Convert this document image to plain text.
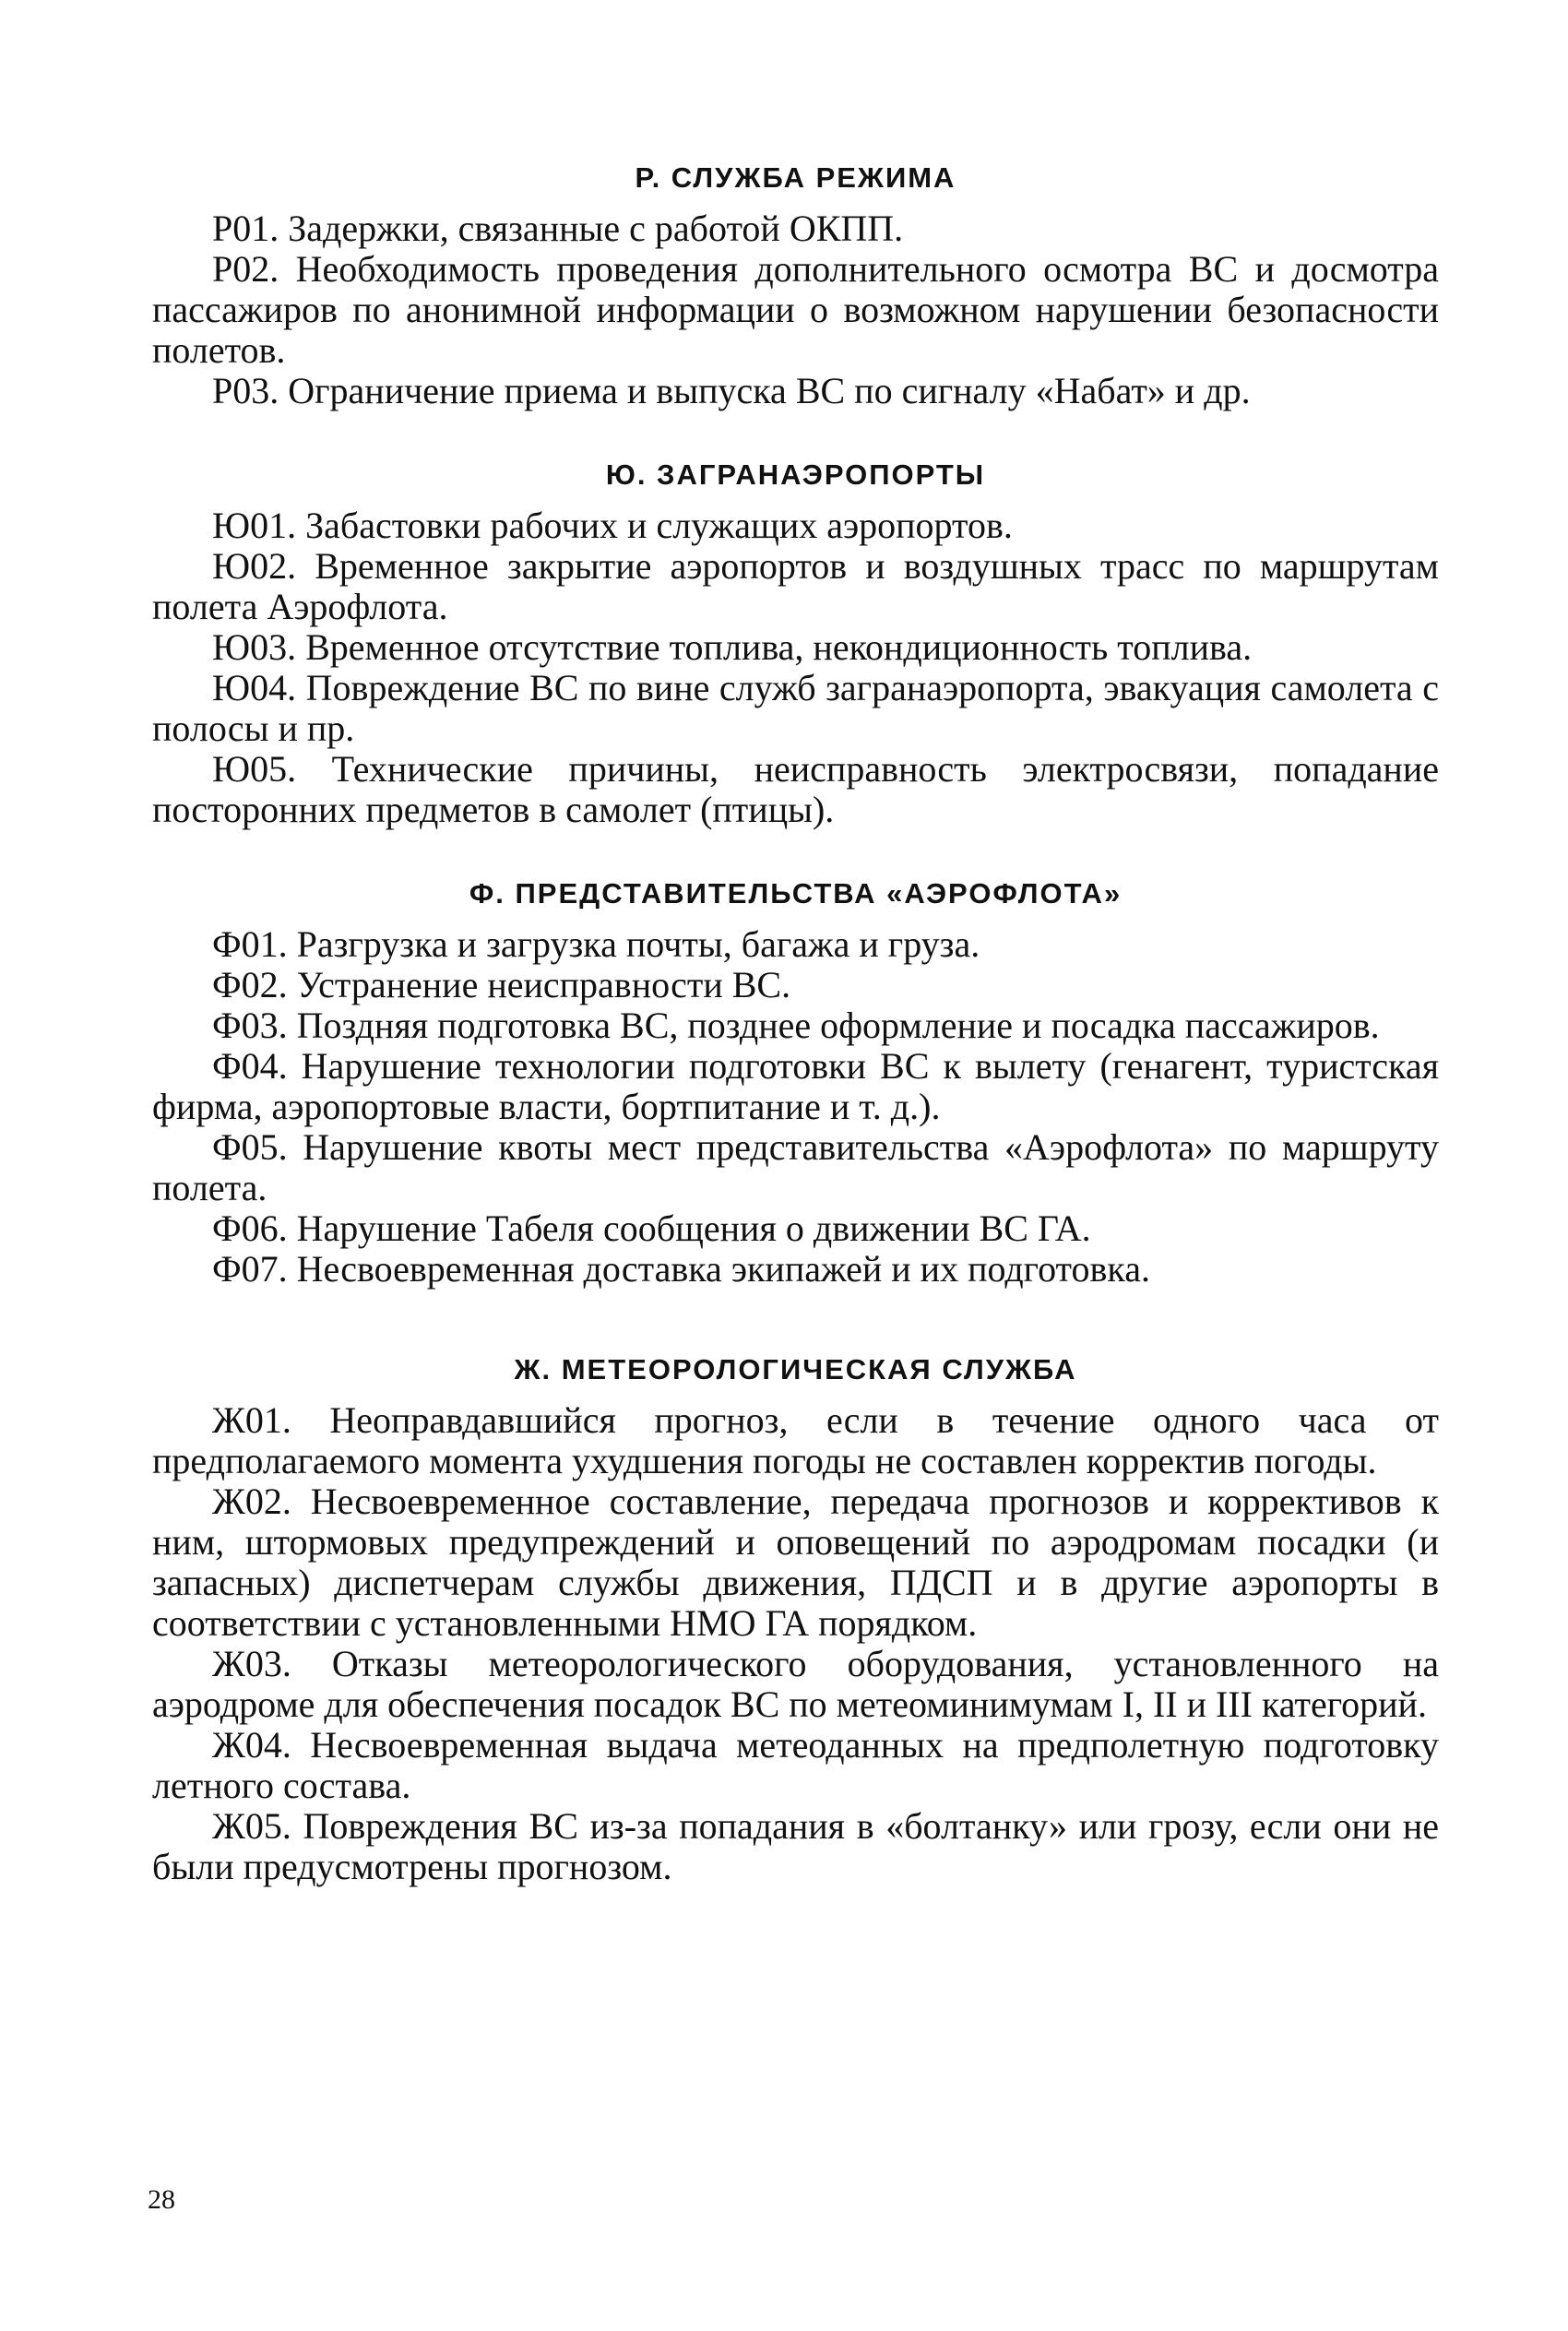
Р. СЛУЖБА РЕЖИМА

Р01. Задержки, связанные с работой ОКПП.

Р02. Необходимость проведения дополнительного осмотра ВС и досмотра пассажиров по анонимной информации о возможном нарушении безопасности полетов.

Р03. Ограничение приема и выпуска ВС по сигналу «Набат» и др.

Ю. ЗАГРАНАЭРОПОРТЫ

Ю01. Забастовки рабочих и служащих аэропортов.

Ю02. Временное закрытие аэропортов и воздушных трасс по маршрутам полета Аэрофлота.

Ю03. Временное отсутствие топлива, некондиционность топлива.

Ю04. Повреждение ВС по вине служб загранаэропорта, эвакуация самолета с полосы и пр.

Ю05. Технические причины, неисправность электросвязи, попадание посторонних предметов в самолет (птицы).

Ф. ПРЕДСТАВИТЕЛЬСТВА «АЭРОФЛОТА»

Ф01. Разгрузка и загрузка почты, багажа и груза.

Ф02. Устранение неисправности ВС.

Ф03. Поздняя подготовка ВС, позднее оформление и посадка пассажиров.

Ф04. Нарушение технологии подготовки ВС к вылету (генагент, туристская фирма, аэропортовые власти, бортпитание и т. д.).

Ф05. Нарушение квоты мест представительства «Аэрофлота» по маршруту полета.

Ф06. Нарушение Табеля сообщения о движении ВС ГА.

Ф07. Несвоевременная доставка экипажей и их подготовка.

Ж. МЕТЕОРОЛОГИЧЕСКАЯ СЛУЖБА

Ж01. Неоправдавшийся прогноз, если в течение одного часа от предполагаемого момента ухудшения погоды не составлен корректив погоды.

Ж02. Несвоевременное составление, передача прогнозов и коррективов к ним, штормовых предупреждений и оповещений по аэродромам посадки (и запасных) диспетчерам службы движения, ПДСП и в другие аэропорты в соответствии с установленными НМО ГА порядком.

Ж03. Отказы метеорологического оборудования, установленного на аэродроме для обеспечения посадок ВС по метеоминимумам I, II и III категорий.

Ж04. Несвоевременная выдача метеоданных на предполетную подготовку летного состава.

Ж05. Повреждения ВС из-за попадания в «болтанку» или грозу, если они не были предусмотрены прогнозом.

28
